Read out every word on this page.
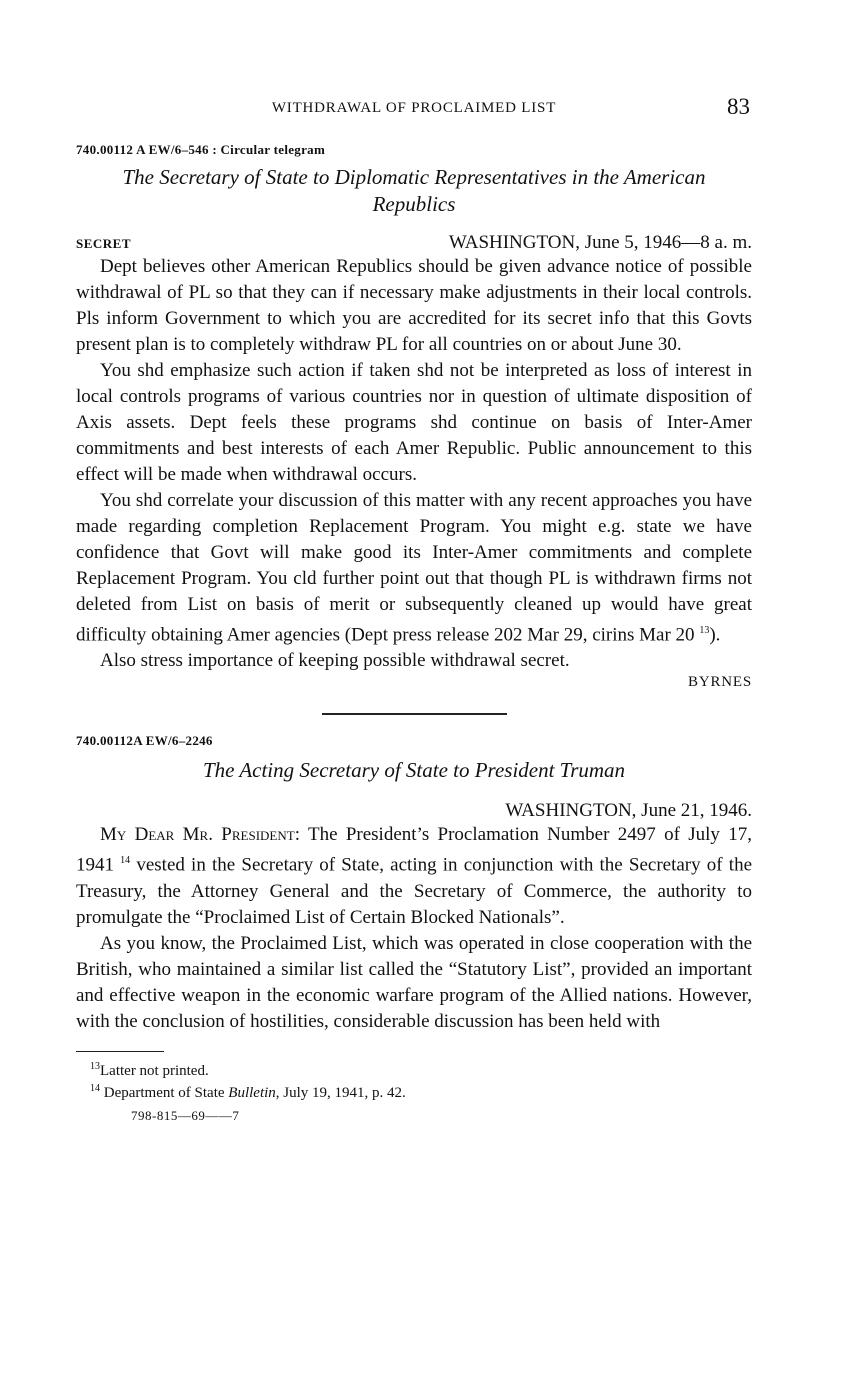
WITHDRAWAL OF PROCLAIMED LIST	83
740.00112 A EW/6–546 : Circular telegram
The Secretary of State to Diplomatic Representatives in the American Republics
SECRET	WASHINGTON, June 5, 1946—8 a. m.

Dept believes other American Republics should be given advance notice of possible withdrawal of PL so that they can if necessary make adjustments in their local controls. Pls inform Government to which you are accredited for its secret info that this Govts present plan is to completely withdraw PL for all countries on or about June 30.

You shd emphasize such action if taken shd not be interpreted as loss of interest in local controls programs of various countries nor in question of ultimate disposition of Axis assets. Dept feels these programs shd continue on basis of Inter-Amer commitments and best interests of each Amer Republic. Public announcement to this effect will be made when withdrawal occurs.

You shd correlate your discussion of this matter with any recent approaches you have made regarding completion Replacement Program. You might e.g. state we have confidence that Govt will make good its Inter-Amer commitments and complete Replacement Program. You cld further point out that though PL is withdrawn firms not deleted from List on basis of merit or subsequently cleaned up would have great difficulty obtaining Amer agencies (Dept press release 202 Mar 29, cirins Mar 20 $^{13}$).

Also stress importance of keeping possible withdrawal secret.

BYRNES
740.00112A EW/6–2246
The Acting Secretary of State to President Truman
WASHINGTON, June 21, 1946.

My Dear Mr. President: The President’s Proclamation Number 2497 of July 17, 1941 $^{14}$ vested in the Secretary of State, acting in conjunction with the Secretary of the Treasury, the Attorney General and the Secretary of Commerce, the authority to promulgate the “Proclaimed List of Certain Blocked Nationals”.

As you know, the Proclaimed List, which was operated in close cooperation with the British, who maintained a similar list called the “Statutory List”, provided an important and effective weapon in the economic warfare program of the Allied nations. However, with the conclusion of hostilities, considerable discussion has been held with

$^{13}$Latter not printed.
$^{14}$ Department of State Bulletin, July 19, 1941, p. 42.
798-815—69——7
